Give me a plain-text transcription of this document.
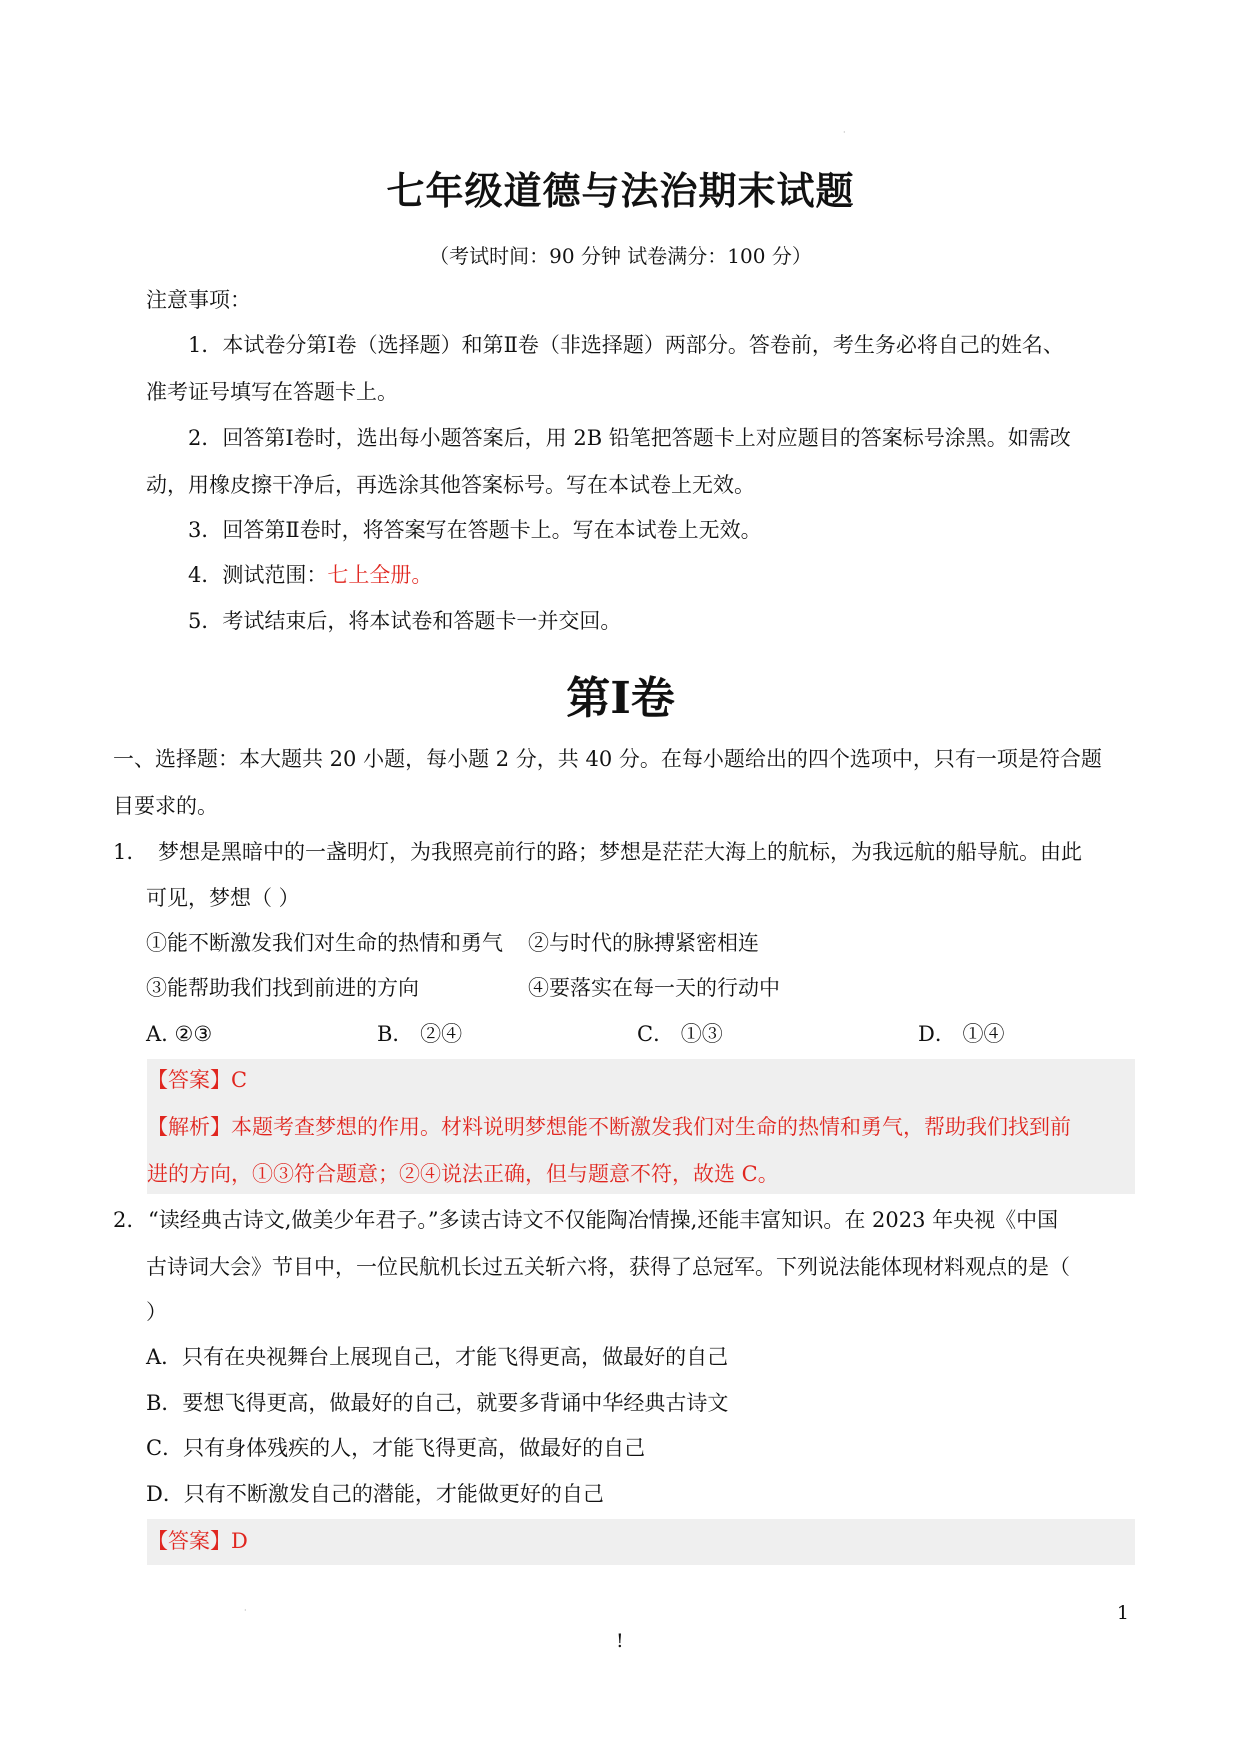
·
七年级道德与法治期末试题
（考试时间：90 分钟 试卷满分：100 分）
注意事项：
1．本试卷分第Ⅰ卷（选择题）和第Ⅱ卷（非选择题）两部分。答卷前，考生务必将自己的姓名、
准考证号填写在答题卡上。
2．回答第Ⅰ卷时，选出每小题答案后，用 2B 铅笔把答题卡上对应题目的答案标号涂黑。如需改
动，用橡皮擦干净后，再选涂其他答案标号。写在本试卷上无效。
3．回答第Ⅱ卷时，将答案写在答题卡上。写在本试卷上无效。
4．测试范围：七上全册。
5．考试结束后，将本试卷和答题卡一并交回。
第Ⅰ卷
一、选择题：本大题共 20 小题，每小题 2 分，共 40 分。在每小题给出的四个选项中，只有一项是符合题
目要求的。
1. 梦想是黑暗中的一盏明灯，为我照亮前行的路；梦想是茫茫大海上的航标，为我远航的船导航。由此
可见，梦想（ ）
①能不断激发我们对生命的热情和勇气 ②与时代的脉搏紧密相连
③能帮助我们找到前进的方向	④要落实在每一天的行动中
A. ②③	B． ②④	C． ①③	D． ①④
【答案】C
【解析】本题考查梦想的作用。材料说明梦想能不断激发我们对生命的热情和勇气，帮助我们找到前
进的方向，①③符合题意；②④说法正确，但与题意不符，故选 C。
2. “读经典古诗文,做美少年君子。”多读古诗文不仅能陶冶情操,还能丰富知识。在 2023 年央视《中国
古诗词大会》节目中，一位民航机长过五关斩六将，获得了总冠军。下列说法能体现材料观点的是（
）
A．只有在央视舞台上展现自己，才能飞得更高，做最好的自己
B．要想飞得更高，做最好的自己，就要多背诵中华经典古诗文
C．只有身体残疾的人，才能飞得更高，做最好的自己
D．只有不断激发自己的潜能，才能做更好的自己
【答案】D
·	1
!
